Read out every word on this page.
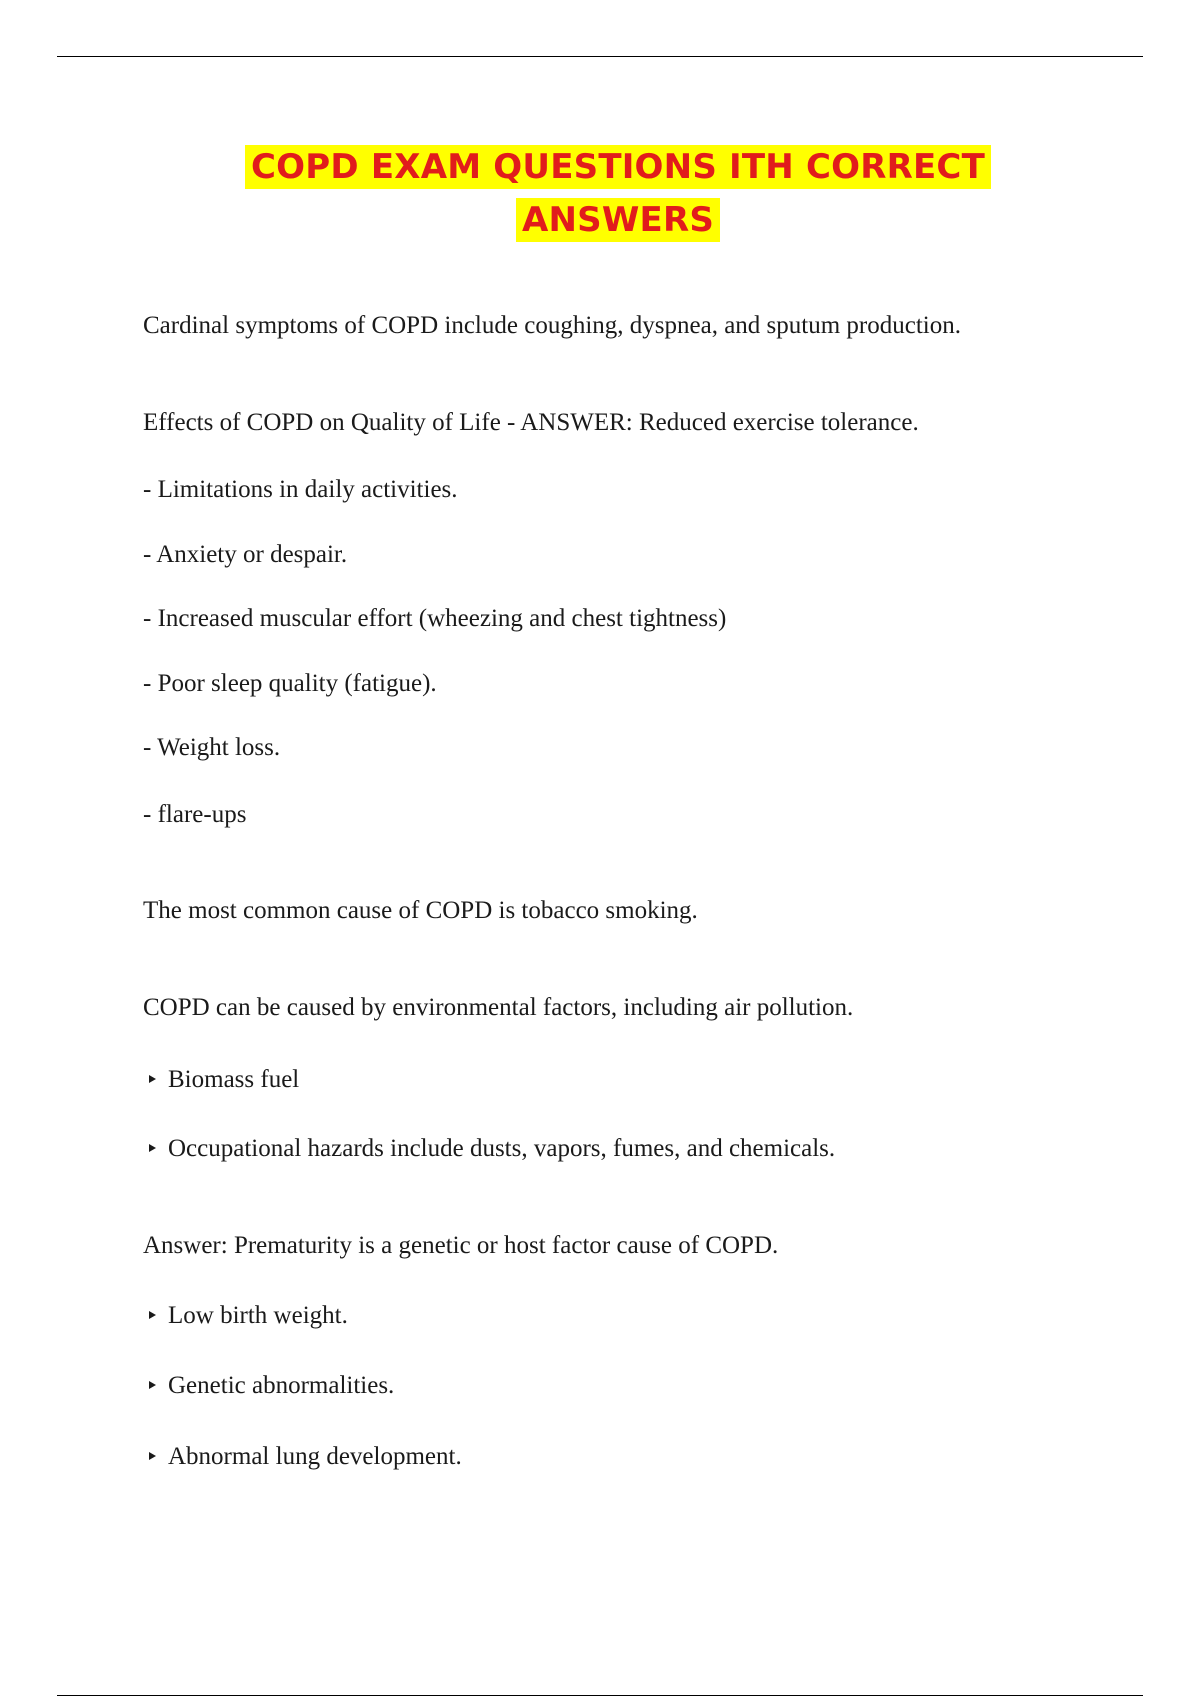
COPD EXAM QUESTIONS ITH CORRECT
ANSWERS

Cardinal symptoms of COPD include coughing, dyspnea, and sputum production.

Effects of COPD on Quality of Life - ANSWER: Reduced exercise tolerance.

- Limitations in daily activities.

- Anxiety or despair.

- Increased muscular effort (wheezing and chest tightness)

- Poor sleep quality (fatigue).

- Weight loss.

- flare-ups

The most common cause of COPD is tobacco smoking.

COPD can be caused by environmental factors, including air pollution.

Biomass fuel

Occupational hazards include dusts, vapors, fumes, and chemicals.

Answer: Prematurity is a genetic or host factor cause of COPD.

Low birth weight.

Genetic abnormalities.

Abnormal lung development.
